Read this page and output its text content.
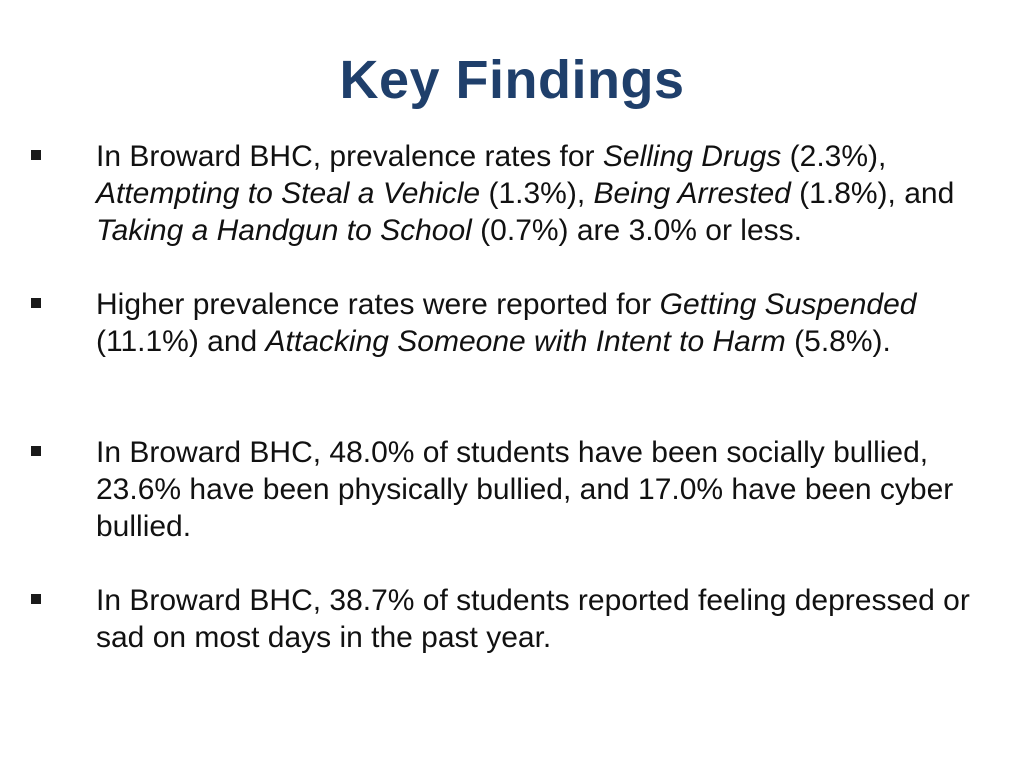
Key Findings
In Broward BHC, prevalence rates for Selling Drugs (2.3%), Attempting to Steal a Vehicle (1.3%), Being Arrested (1.8%), and Taking a Handgun to School (0.7%) are 3.0% or less.
Higher prevalence rates were reported for Getting Suspended (11.1%) and Attacking Someone with Intent to Harm (5.8%).
In Broward BHC, 48.0% of students have been socially bullied, 23.6% have been physically bullied, and 17.0% have been cyber bullied.
In Broward BHC, 38.7% of students reported feeling depressed or sad on most days in the past year.
